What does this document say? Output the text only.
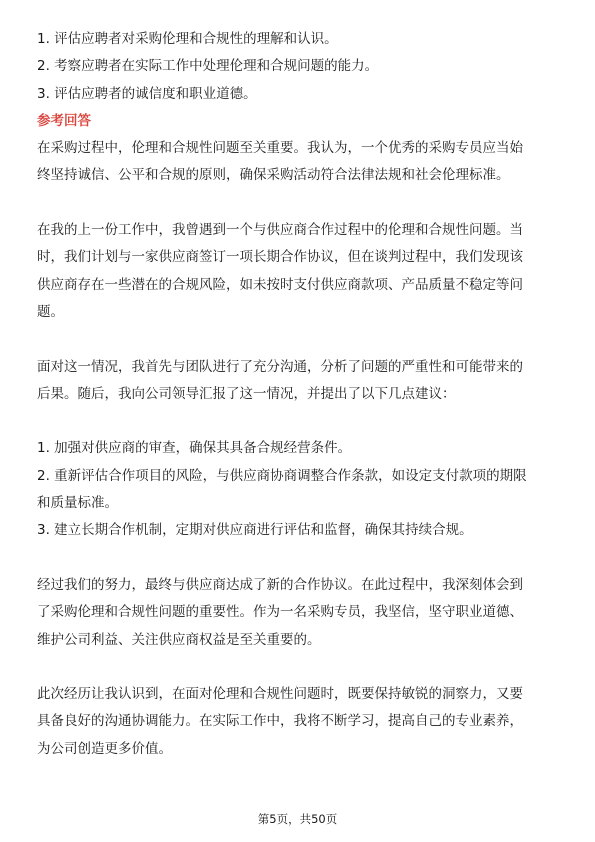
1. 评估应聘者对采购伦理和合规性的理解和认识。

2. 考察应聘者在实际工作中处理伦理和合规问题的能力。

3. 评估应聘者的诚信度和职业道德。

参考回答

在采购过程中，伦理和合规性问题至关重要。我认为，一个优秀的采购专员应当始

终坚持诚信、公平和合规的原则，确保采购活动符合法律法规和社会伦理标准。

在我的上一份工作中，我曾遇到一个与供应商合作过程中的伦理和合规性问题。当

时，我们计划与一家供应商签订一项长期合作协议，但在谈判过程中，我们发现该

供应商存在一些潜在的合规风险，如未按时支付供应商款项、产品质量不稳定等问

题。

面对这一情况，我首先与团队进行了充分沟通，分析了问题的严重性和可能带来的

后果。随后，我向公司领导汇报了这一情况，并提出了以下几点建议：

1. 加强对供应商的审查，确保其具备合规经营条件。

2. 重新评估合作项目的风险，与供应商协商调整合作条款，如设定支付款项的期限

和质量标准。

3. 建立长期合作机制，定期对供应商进行评估和监督，确保其持续合规。

经过我们的努力，最终与供应商达成了新的合作协议。在此过程中，我深刻体会到

了采购伦理和合规性问题的重要性。作为一名采购专员，我坚信，坚守职业道德、

维护公司利益、关注供应商权益是至关重要的。

此次经历让我认识到，在面对伦理和合规性问题时，既要保持敏锐的洞察力，又要

具备良好的沟通协调能力。在实际工作中，我将不断学习，提高自己的专业素养，

为公司创造更多价值。

第5页，共50页
